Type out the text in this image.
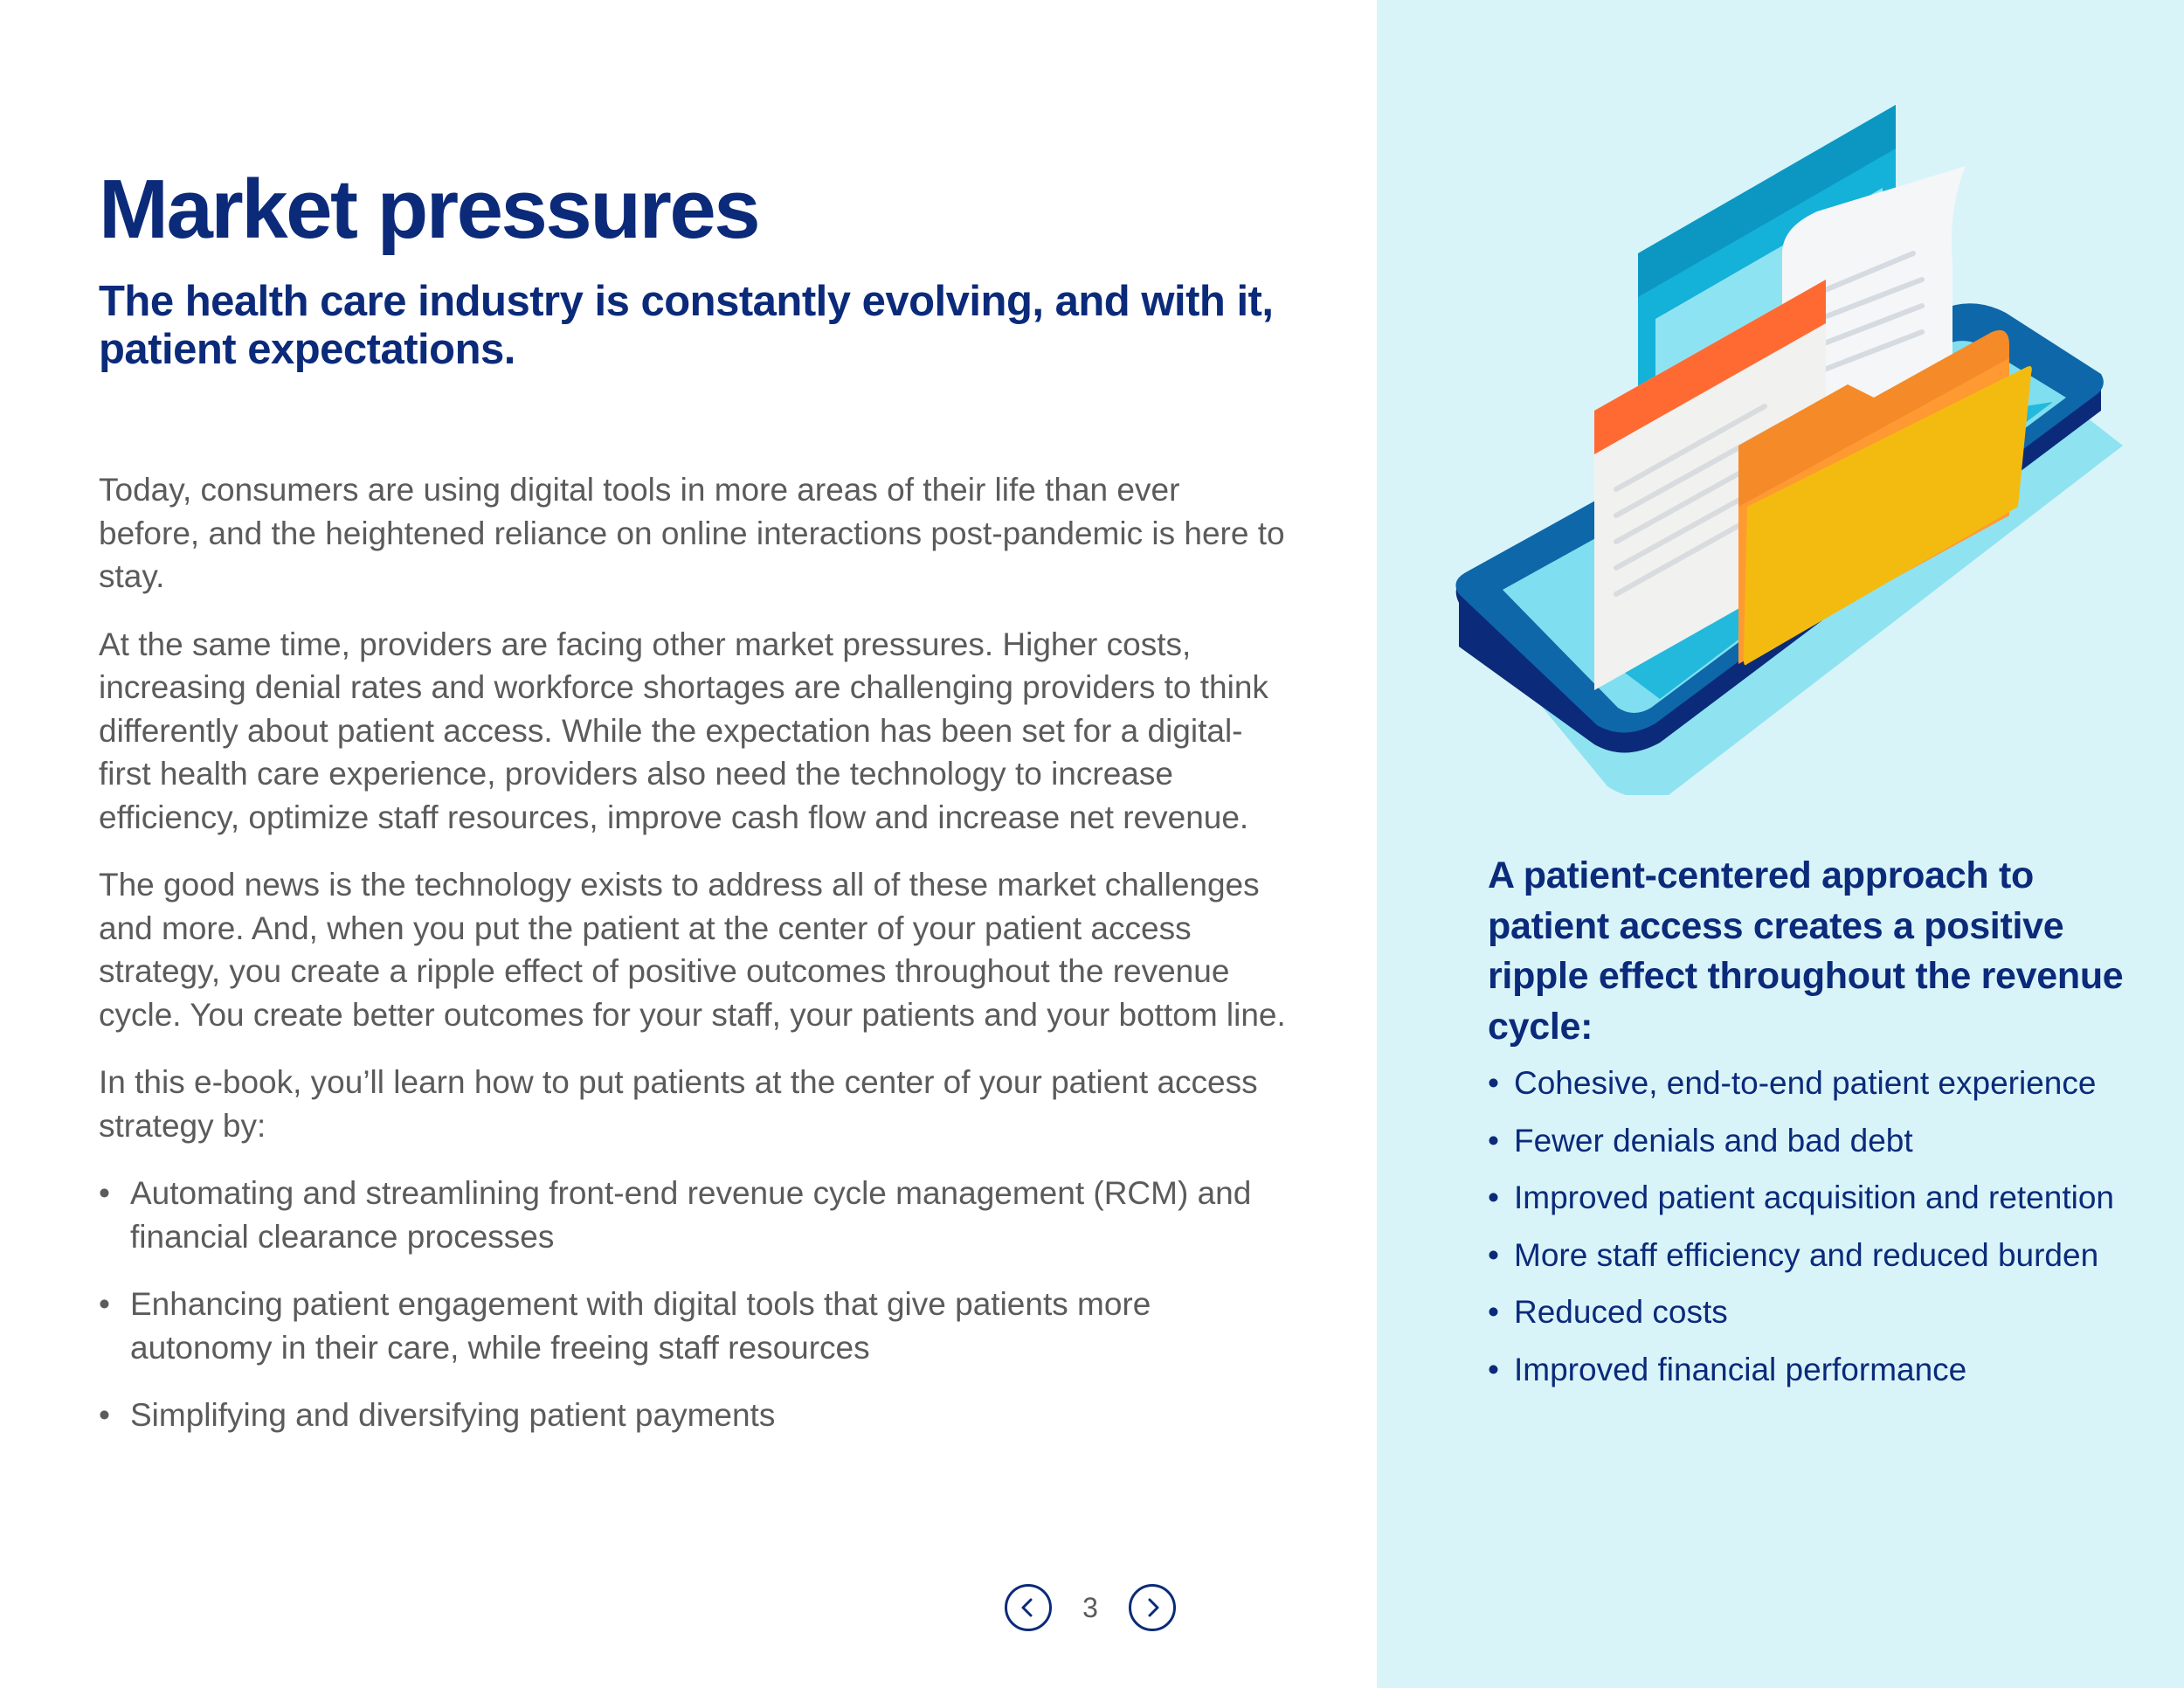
Market pressures
The health care industry is constantly evolving, and with it, patient expectations.

Today, consumers are using digital tools in more areas of their life than ever before, and the heightened reliance on online interactions post-pandemic is here to stay.

At the same time, providers are facing other market pressures. Higher costs, increasing denial rates and workforce shortages are challenging providers to think differently about patient access. While the expectation has been set for a digital-first health care experience, providers also need the technology to increase efficiency, optimize staff resources, improve cash flow and increase net revenue.

The good news is the technology exists to address all of these market challenges and more. And, when you put the patient at the center of your patient access strategy, you create a ripple effect of positive outcomes throughout the revenue cycle. You create better outcomes for your staff, your patients and your bottom line.

In this e-book, you’ll learn how to put patients at the center of your patient access strategy by:

• Automating and streamlining front-end revenue cycle management (RCM) and financial clearance processes
• Enhancing patient engagement with digital tools that give patients more autonomy in their care, while freeing staff resources
• Simplifying and diversifying patient payments
3
A patient-centered approach to patient access creates a positive ripple effect throughout the revenue cycle:
• Cohesive, end-to-end patient experience
• Fewer denials and bad debt
• Improved patient acquisition and retention
• More staff efficiency and reduced burden
• Reduced costs
• Improved financial performance
